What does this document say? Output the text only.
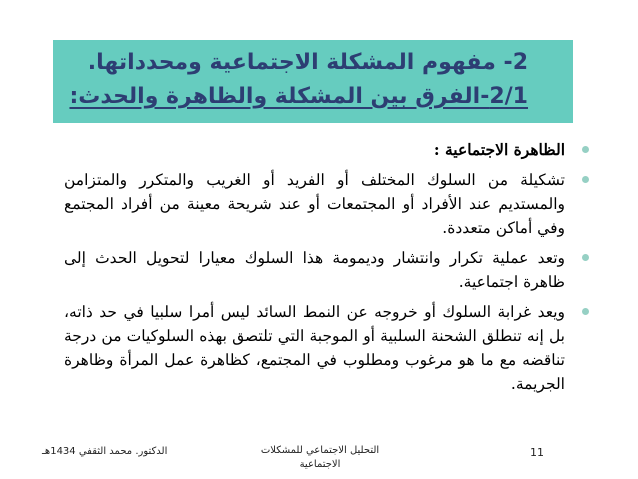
2- مفهوم المشكلة الاجتماعية ومحدداتها.
2/1-الفرق بين المشكلة والظاهرة والحدث:
الظاهرة الاجتماعية :
تشكيلة من السلوك المختلف أو الفريد أو الغريب والمتكرر والمتزامن والمستديم عند الأفراد أو المجتمعات أو عند شريحة معينة من أفراد المجتمع وفي أماكن متعددة.
وتعد عملية تكرار وانتشار وديمومة هذا السلوك معيارا لتحويل الحدث إلى ظاهرة اجتماعية.
ويعد غرابة السلوك أو خروجه عن النمط السائد ليس أمرا سلبيا في حد ذاته، بل إنه تنطلق الشحنة السلبية أو الموجبة التي تلتصق بهذه السلوكيات من درجة تناقضه مع ما هو مرغوب ومطلوب في المجتمع، كظاهرة عمل المرأة وظاهرة الجريمة.
الدكتور. محمد الثقفي 1434هـ	التحليل الاجتماعي للمشكلات
الاجتماعية
11
